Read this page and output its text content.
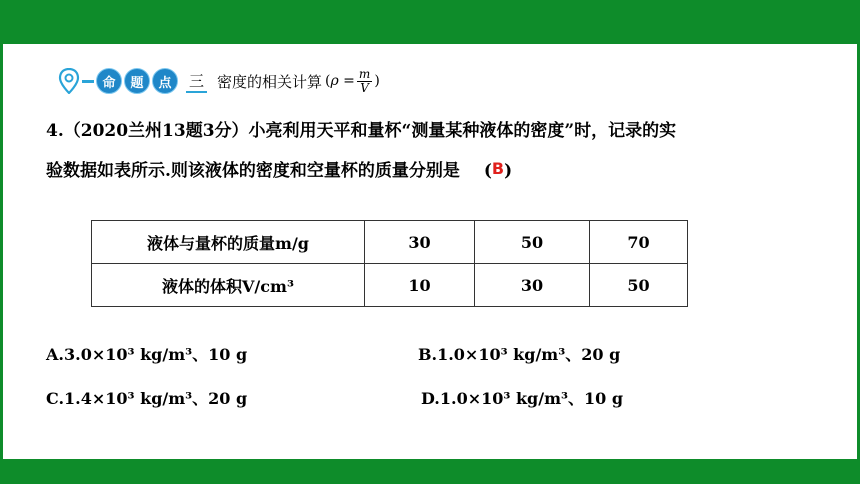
命	题	点	三 密度的相关计算 ( $\rho = \frac{m}{V}$ )
4.（2020兰州13题3分）小亮利用天平和量杯“测量某种液体的密度”时，记录的实
验数据如表所示.则该液体的密度和空量杯的质量分别是 (B)
液体与量杯的质量m/g	30	50	70
液体的体积V/cm³	10	30	50
A.3.0×10³ kg/m³、10 g	B.1.0×10³ kg/m³、20 g
C.1.4×10³ kg/m³、20 g	D.1.0×10³ kg/m³、10 g
